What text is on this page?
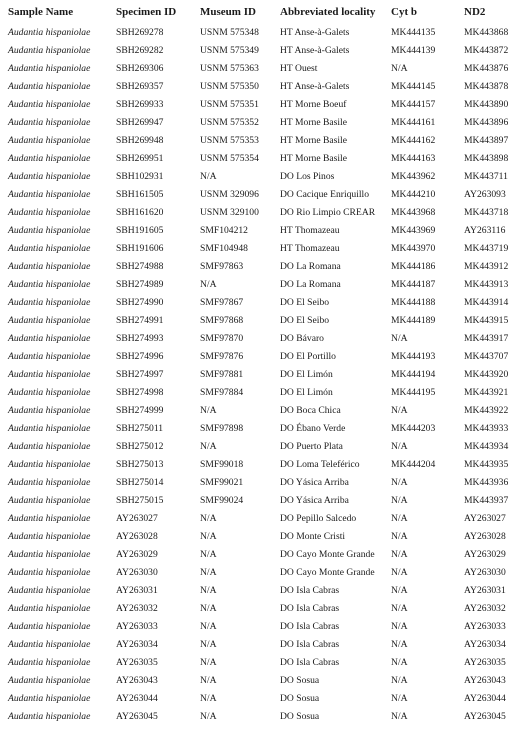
Sample Name	Specimen ID	Museum ID	Abbreviated locality	Cyt b	ND2
Audantia hispaniolae	SBH269278	USNM 575348	HT Anse-à-Galets	MK444135	MK443868
Audantia hispaniolae	SBH269282	USNM 575349	HT Anse-à-Galets	MK444139	MK443872
Audantia hispaniolae	SBH269306	USNM 575363	HT Ouest	N/A	MK443876
Audantia hispaniolae	SBH269357	USNM 575350	HT Anse-à-Galets	MK444145	MK443878
Audantia hispaniolae	SBH269933	USNM 575351	HT Morne Boeuf	MK444157	MK443890
Audantia hispaniolae	SBH269947	USNM 575352	HT Morne Basile	MK444161	MK443896
Audantia hispaniolae	SBH269948	USNM 575353	HT Morne Basile	MK444162	MK443897
Audantia hispaniolae	SBH269951	USNM 575354	HT Morne Basile	MK444163	MK443898
Audantia hispaniolae	SBH102931	N/A	DO Los Pinos	MK443962	MK443711
Audantia hispaniolae	SBH161505	USNM 329096	DO Cacique Enriquillo	MK444210	AY263093
Audantia hispaniolae	SBH161620	USNM 329100	DO Rio Limpio CREAR	MK443968	MK443718
Audantia hispaniolae	SBH191605	SMF104212	HT Thomazeau	MK443969	AY263116
Audantia hispaniolae	SBH191606	SMF104948	HT Thomazeau	MK443970	MK443719
Audantia hispaniolae	SBH274988	SMF97863	DO La Romana	MK444186	MK443912
Audantia hispaniolae	SBH274989	N/A	DO La Romana	MK444187	MK443913
Audantia hispaniolae	SBH274990	SMF97867	DO El Seibo	MK444188	MK443914
Audantia hispaniolae	SBH274991	SMF97868	DO El Seibo	MK444189	MK443915
Audantia hispaniolae	SBH274993	SMF97870	DO Bávaro	N/A	MK443917
Audantia hispaniolae	SBH274996	SMF97876	DO El Portillo	MK444193	MK443707
Audantia hispaniolae	SBH274997	SMF97881	DO El Limón	MK444194	MK443920
Audantia hispaniolae	SBH274998	SMF97884	DO El Limón	MK444195	MK443921
Audantia hispaniolae	SBH274999	N/A	DO Boca Chica	N/A	MK443922
Audantia hispaniolae	SBH275011	SMF97898	DO Ébano Verde	MK444203	MK443933
Audantia hispaniolae	SBH275012	N/A	DO Puerto Plata	N/A	MK443934
Audantia hispaniolae	SBH275013	SMF99018	DO Loma Teleférico	MK444204	MK443935
Audantia hispaniolae	SBH275014	SMF99021	DO Yásica Arriba	N/A	MK443936
Audantia hispaniolae	SBH275015	SMF99024	DO Yásica Arriba	N/A	MK443937
Audantia hispaniolae	AY263027	N/A	DO Pepillo Salcedo	N/A	AY263027
Audantia hispaniolae	AY263028	N/A	DO Monte Cristi	N/A	AY263028
Audantia hispaniolae	AY263029	N/A	DO Cayo Monte Grande	N/A	AY263029
Audantia hispaniolae	AY263030	N/A	DO Cayo Monte Grande	N/A	AY263030
Audantia hispaniolae	AY263031	N/A	DO Isla Cabras	N/A	AY263031
Audantia hispaniolae	AY263032	N/A	DO Isla Cabras	N/A	AY263032
Audantia hispaniolae	AY263033	N/A	DO Isla Cabras	N/A	AY263033
Audantia hispaniolae	AY263034	N/A	DO Isla Cabras	N/A	AY263034
Audantia hispaniolae	AY263035	N/A	DO Isla Cabras	N/A	AY263035
Audantia hispaniolae	AY263043	N/A	DO Sosua	N/A	AY263043
Audantia hispaniolae	AY263044	N/A	DO Sosua	N/A	AY263044
Audantia hispaniolae	AY263045	N/A	DO Sosua	N/A	AY263045
